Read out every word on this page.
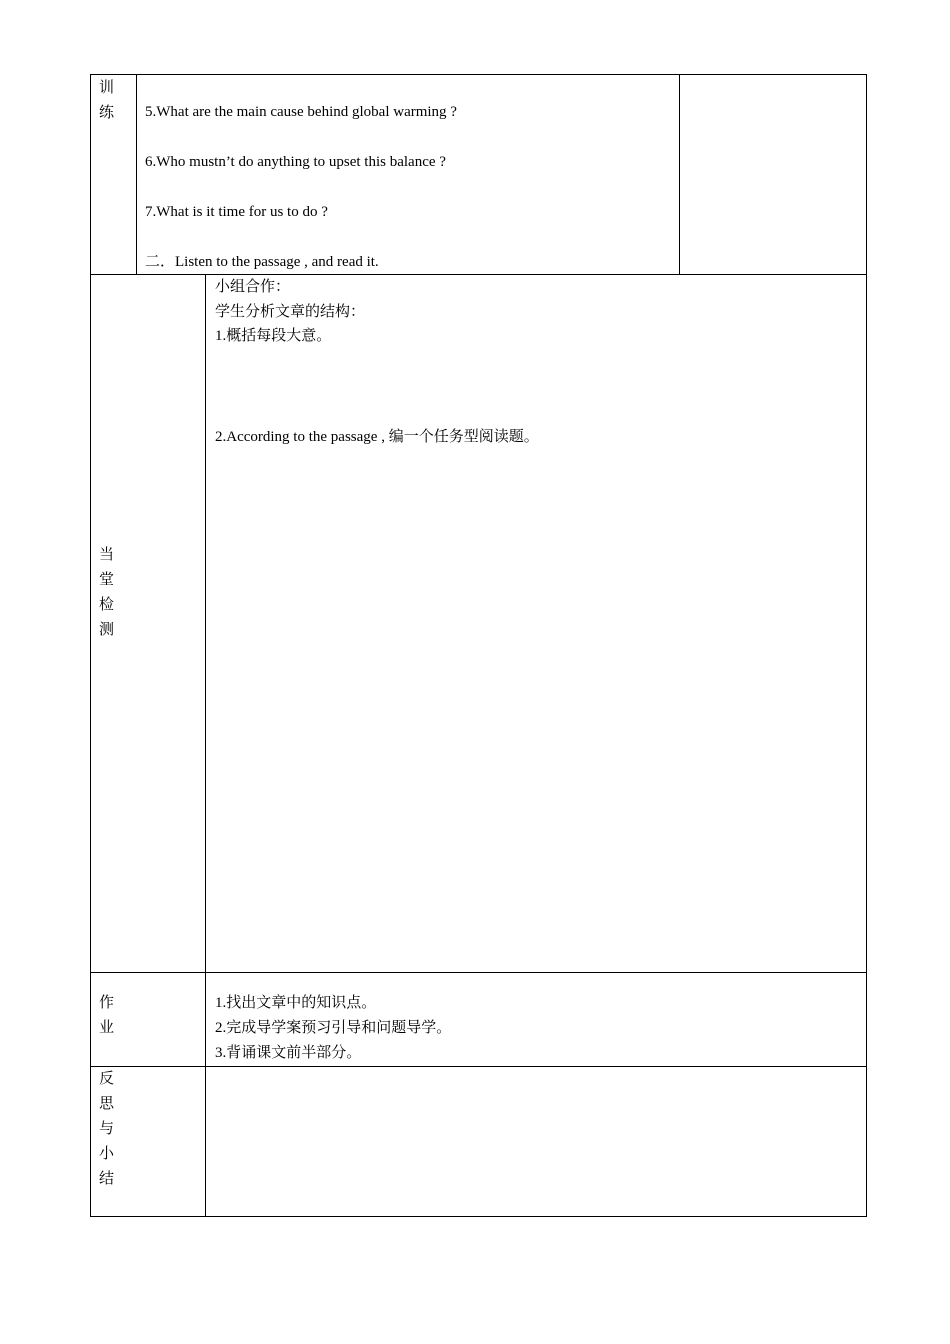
训
练	5.What are the main cause behind global warming ?
6.Who mustn’t do anything to upset this balance ?
7.What is it time for us to do ?
二．Listen to the passage , and read it.
当
堂
检
测
小组合作：
学生分析文章的结构：
1.概括每段大意。
2.According to the passage , 编一个任务型阅读题。
作
业
1.找出文章中的知识点。
2.完成导学案预习引导和问题导学。
3.背诵课文前半部分。
反
思
与
小
结
